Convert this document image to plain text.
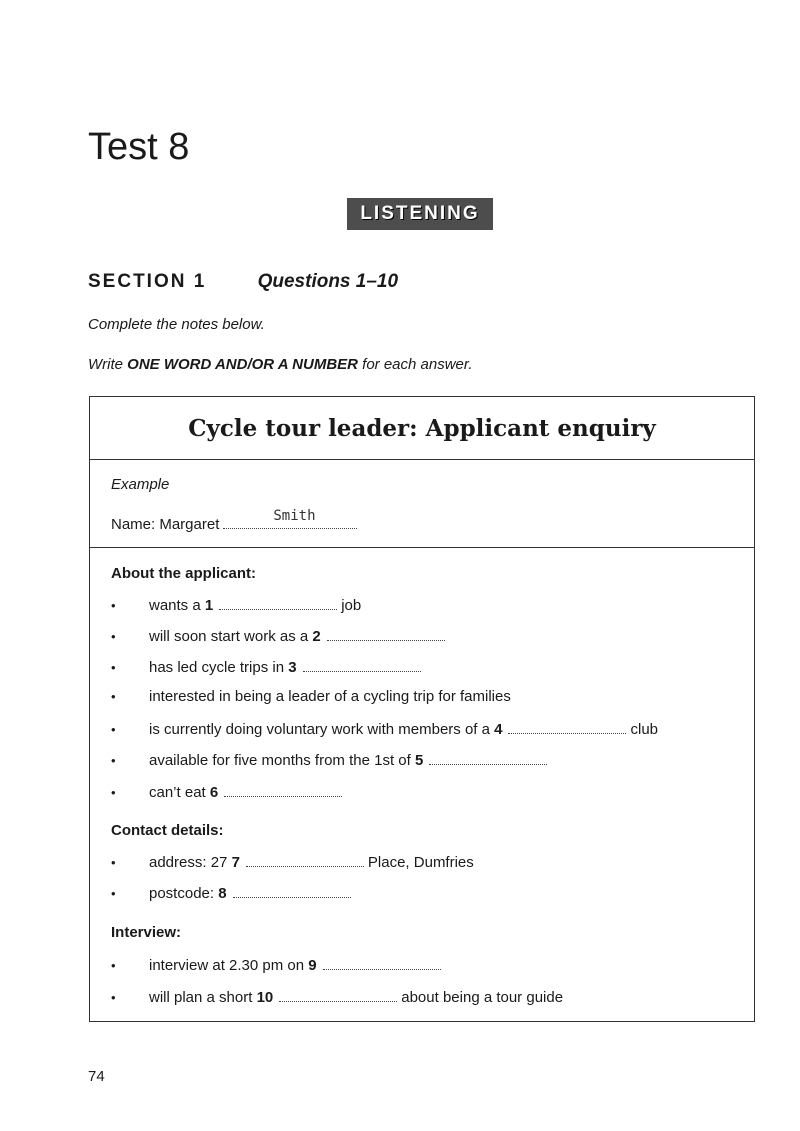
Test 8
LISTENING
SECTION 1	Questions 1–10
Complete the notes below.
Write ONE WORD AND/OR A NUMBER for each answer.
Cycle tour leader: Applicant enquiry
Example
Name: Margaret	Smith
About the applicant:
•	wants a
1	job
•	will soon start work as a
2
•	has led cycle trips in
3
•	interested in being a leader of a cycling trip for families
•	is currently doing voluntary work with members of a
4	club
•	available for five months from the 1st of
5
•	can’t eat
6
Contact details:
•	address: 27
7	Place, Dumfries
•	postcode:
8
Interview:
•	interview at 2.30 pm on
9
•	will plan a short
10	about being a tour guide
74
